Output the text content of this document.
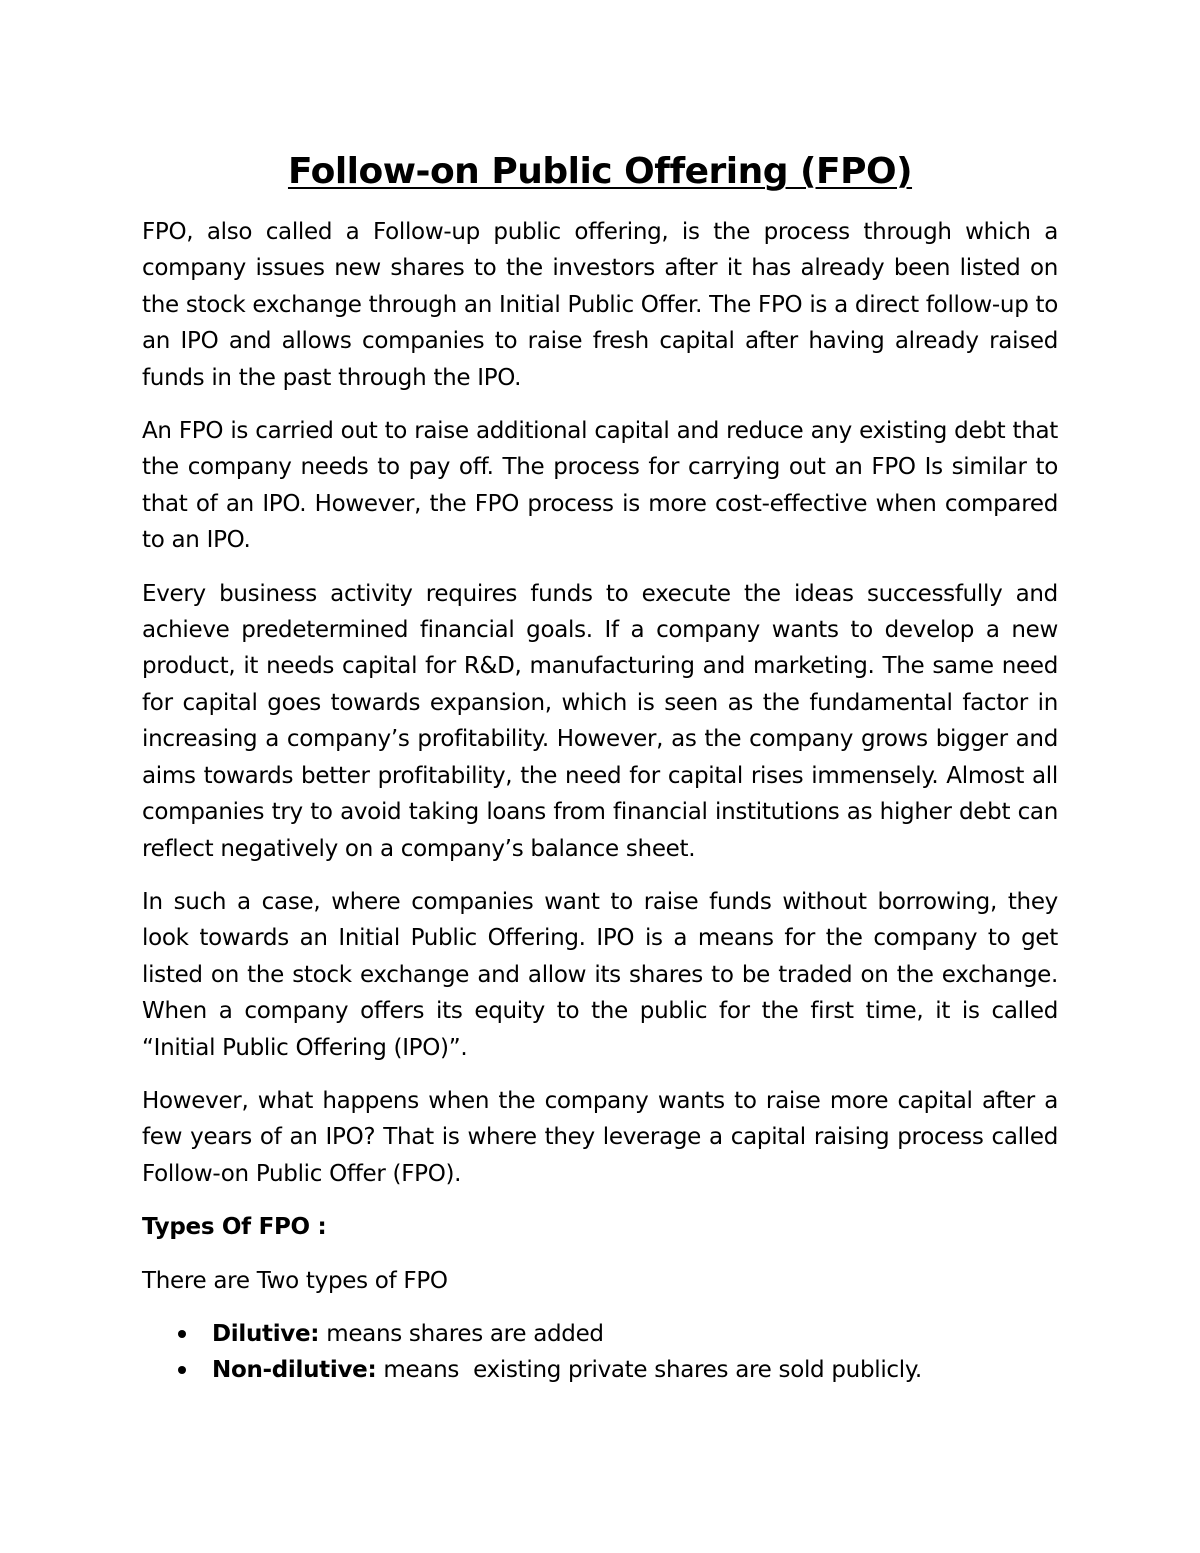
Follow-on Public Offering (FPO)

FPO, also called a Follow-up public offering, is the process through which a company issues new shares to the investors after it has already been listed on the stock exchange through an Initial Public Offer. The FPO is a direct follow-up to an IPO and allows companies to raise fresh capital after having already raised funds in the past through the IPO.

An FPO is carried out to raise additional capital and reduce any existing debt that the company needs to pay off. The process for carrying out an FPO Is similar to that of an IPO. However, the FPO process is more cost-effective when compared to an IPO.

Every business activity requires funds to execute the ideas successfully and achieve predetermined financial goals. If a company wants to develop a new product, it needs capital for R&D, manufacturing and marketing. The same need for capital goes towards expansion, which is seen as the fundamental factor in increasing a company’s profitability. However, as the company grows bigger and aims towards better profitability, the need for capital rises immensely. Almost all companies try to avoid taking loans from financial institutions as higher debt can reflect negatively on a company’s balance sheet.

In such a case, where companies want to raise funds without borrowing, they look towards an Initial Public Offering. IPO is a means for the company to get listed on the stock exchange and allow its shares to be traded on the exchange. When a company offers its equity to the public for the first time, it is called “Initial Public Offering (IPO)”.

However, what happens when the company wants to raise more capital after a few years of an IPO? That is where they leverage a capital raising process called Follow-on Public Offer (FPO).

Types Of FPO :

There are Two types of FPO

Dilutive: means shares are added
Non-dilutive: means  existing private shares are sold publicly.
